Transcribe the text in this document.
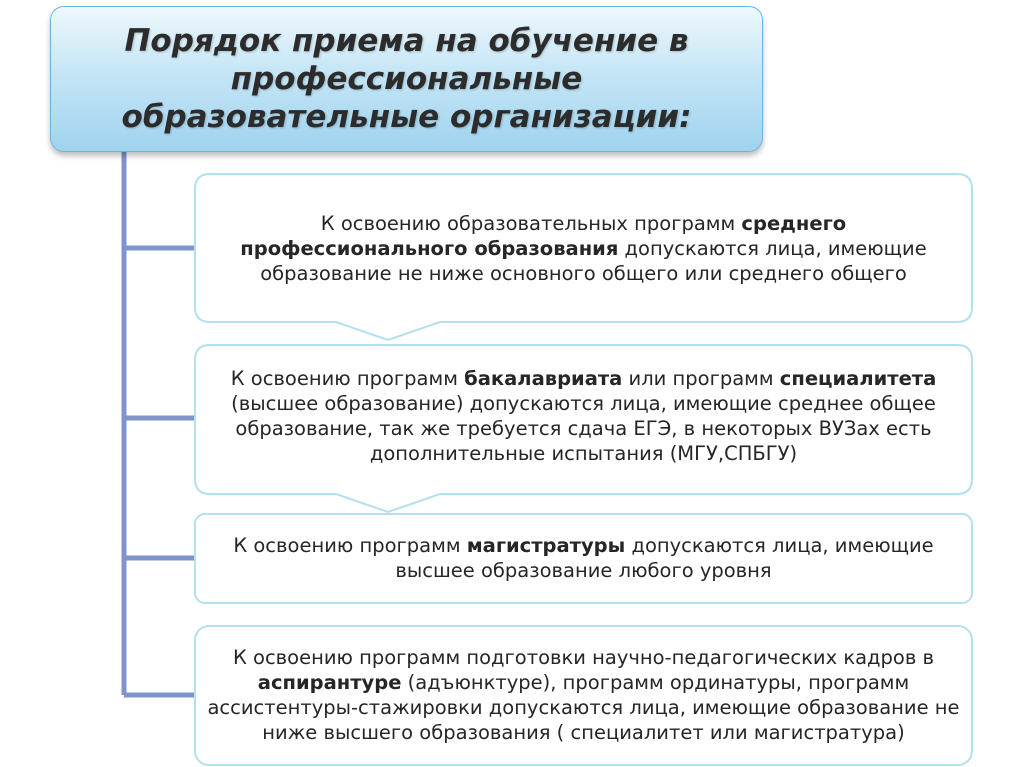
Порядок приема на обучение в профессиональные образовательные организации:
К освоению образовательных программ среднего профессионального образования допускаются лица, имеющие образование не ниже основного общего или среднего общего
К освоению программ бакалавриата или программ специалитета (высшее образование) допускаются лица, имеющие среднее общее образование, так же требуется сдача ЕГЭ, в некоторых ВУЗах есть дополнительные испытания (МГУ,СПБГУ)
К освоению программ магистратуры допускаются лица, имеющие высшее образование любого уровня
К освоению программ подготовки научно-педагогических кадров в аспирантуре (адъюнктуре), программ ординатуры, программ ассистентуры-стажировки допускаются лица, имеющие образование не ниже высшего образования ( специалитет или магистратура)
